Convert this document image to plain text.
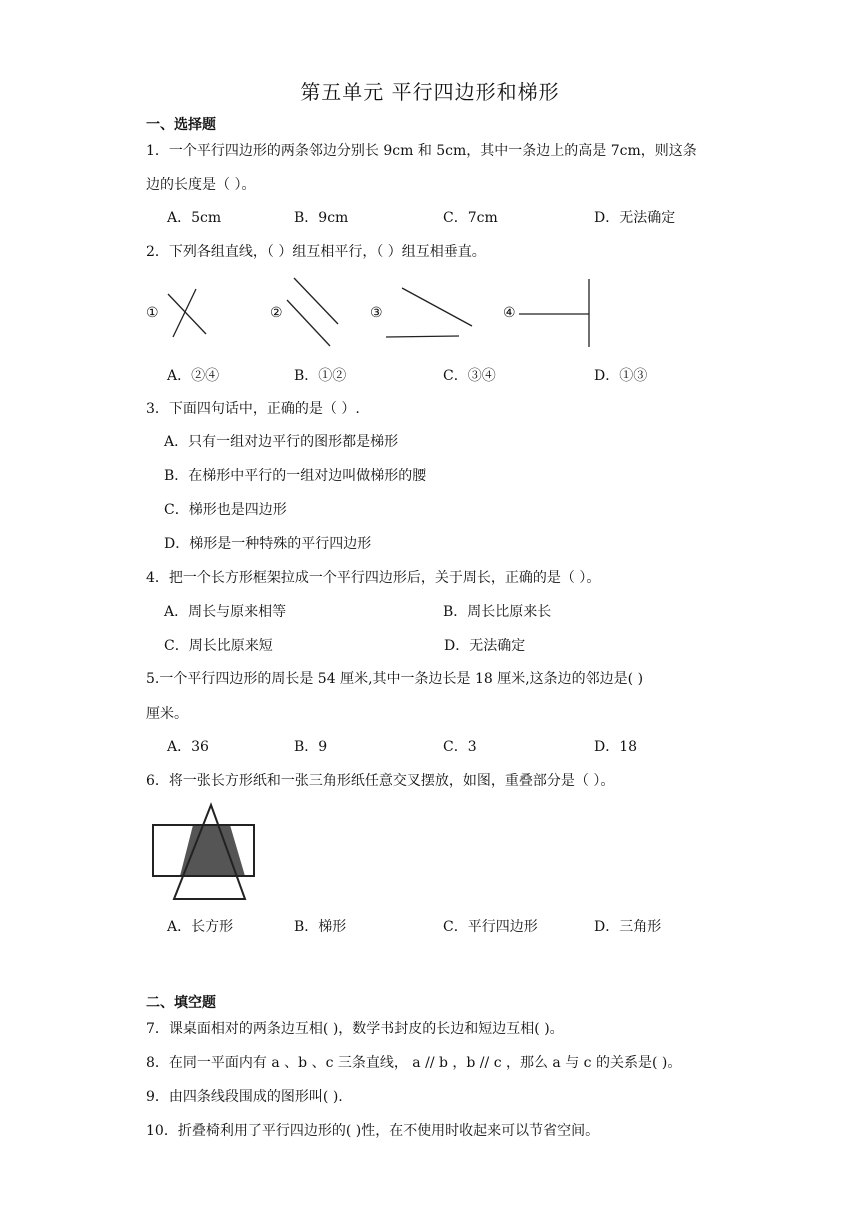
第五单元 平行四边形和梯形
一、选择题
1．一个平行四边形的两条邻边分别长 9cm 和 5cm，其中一条边上的高是 7cm，则这条
边的长度是（ ）。
A．5cm	B．9cm	C．7cm	D．无法确定
2．下列各组直线，（ ）组互相平行，（ ）组互相垂直。
①	②	③	④
A．②④	B．①②	C．③④	D．①③
3．下面四句话中，正确的是（ ）.
A．只有一组对边平行的图形都是梯形
B．在梯形中平行的一组对边叫做梯形的腰
C．梯形也是四边形
D．梯形是一种特殊的平行四边形
4．把一个长方形框架拉成一个平行四边形后，关于周长，正确的是（ ）。
A．周长与原来相等	B．周长比原来长
C．周长比原来短	D．无法确定
5.一个平行四边形的周长是 54 厘米,其中一条边长是 18 厘米,这条边的邻边是( )
厘米。
A．36	B．9	C．3	D．18
6．将一张长方形纸和一张三角形纸任意交叉摆放，如图，重叠部分是（ ）。
A．长方形	B．梯形	C．平行四边形	D．三角形
二、填空题
7．课桌面相对的两条边互相( )，数学书封皮的长边和短边互相( )。
8．在同一平面内有 a 、b 、c 三条直线， a // b ，b // c ，那么 a 与 c 的关系是( )。
9．由四条线段围成的图形叫( ).
10．折叠椅利用了平行四边形的( )性，在不使用时收起来可以节省空间。
